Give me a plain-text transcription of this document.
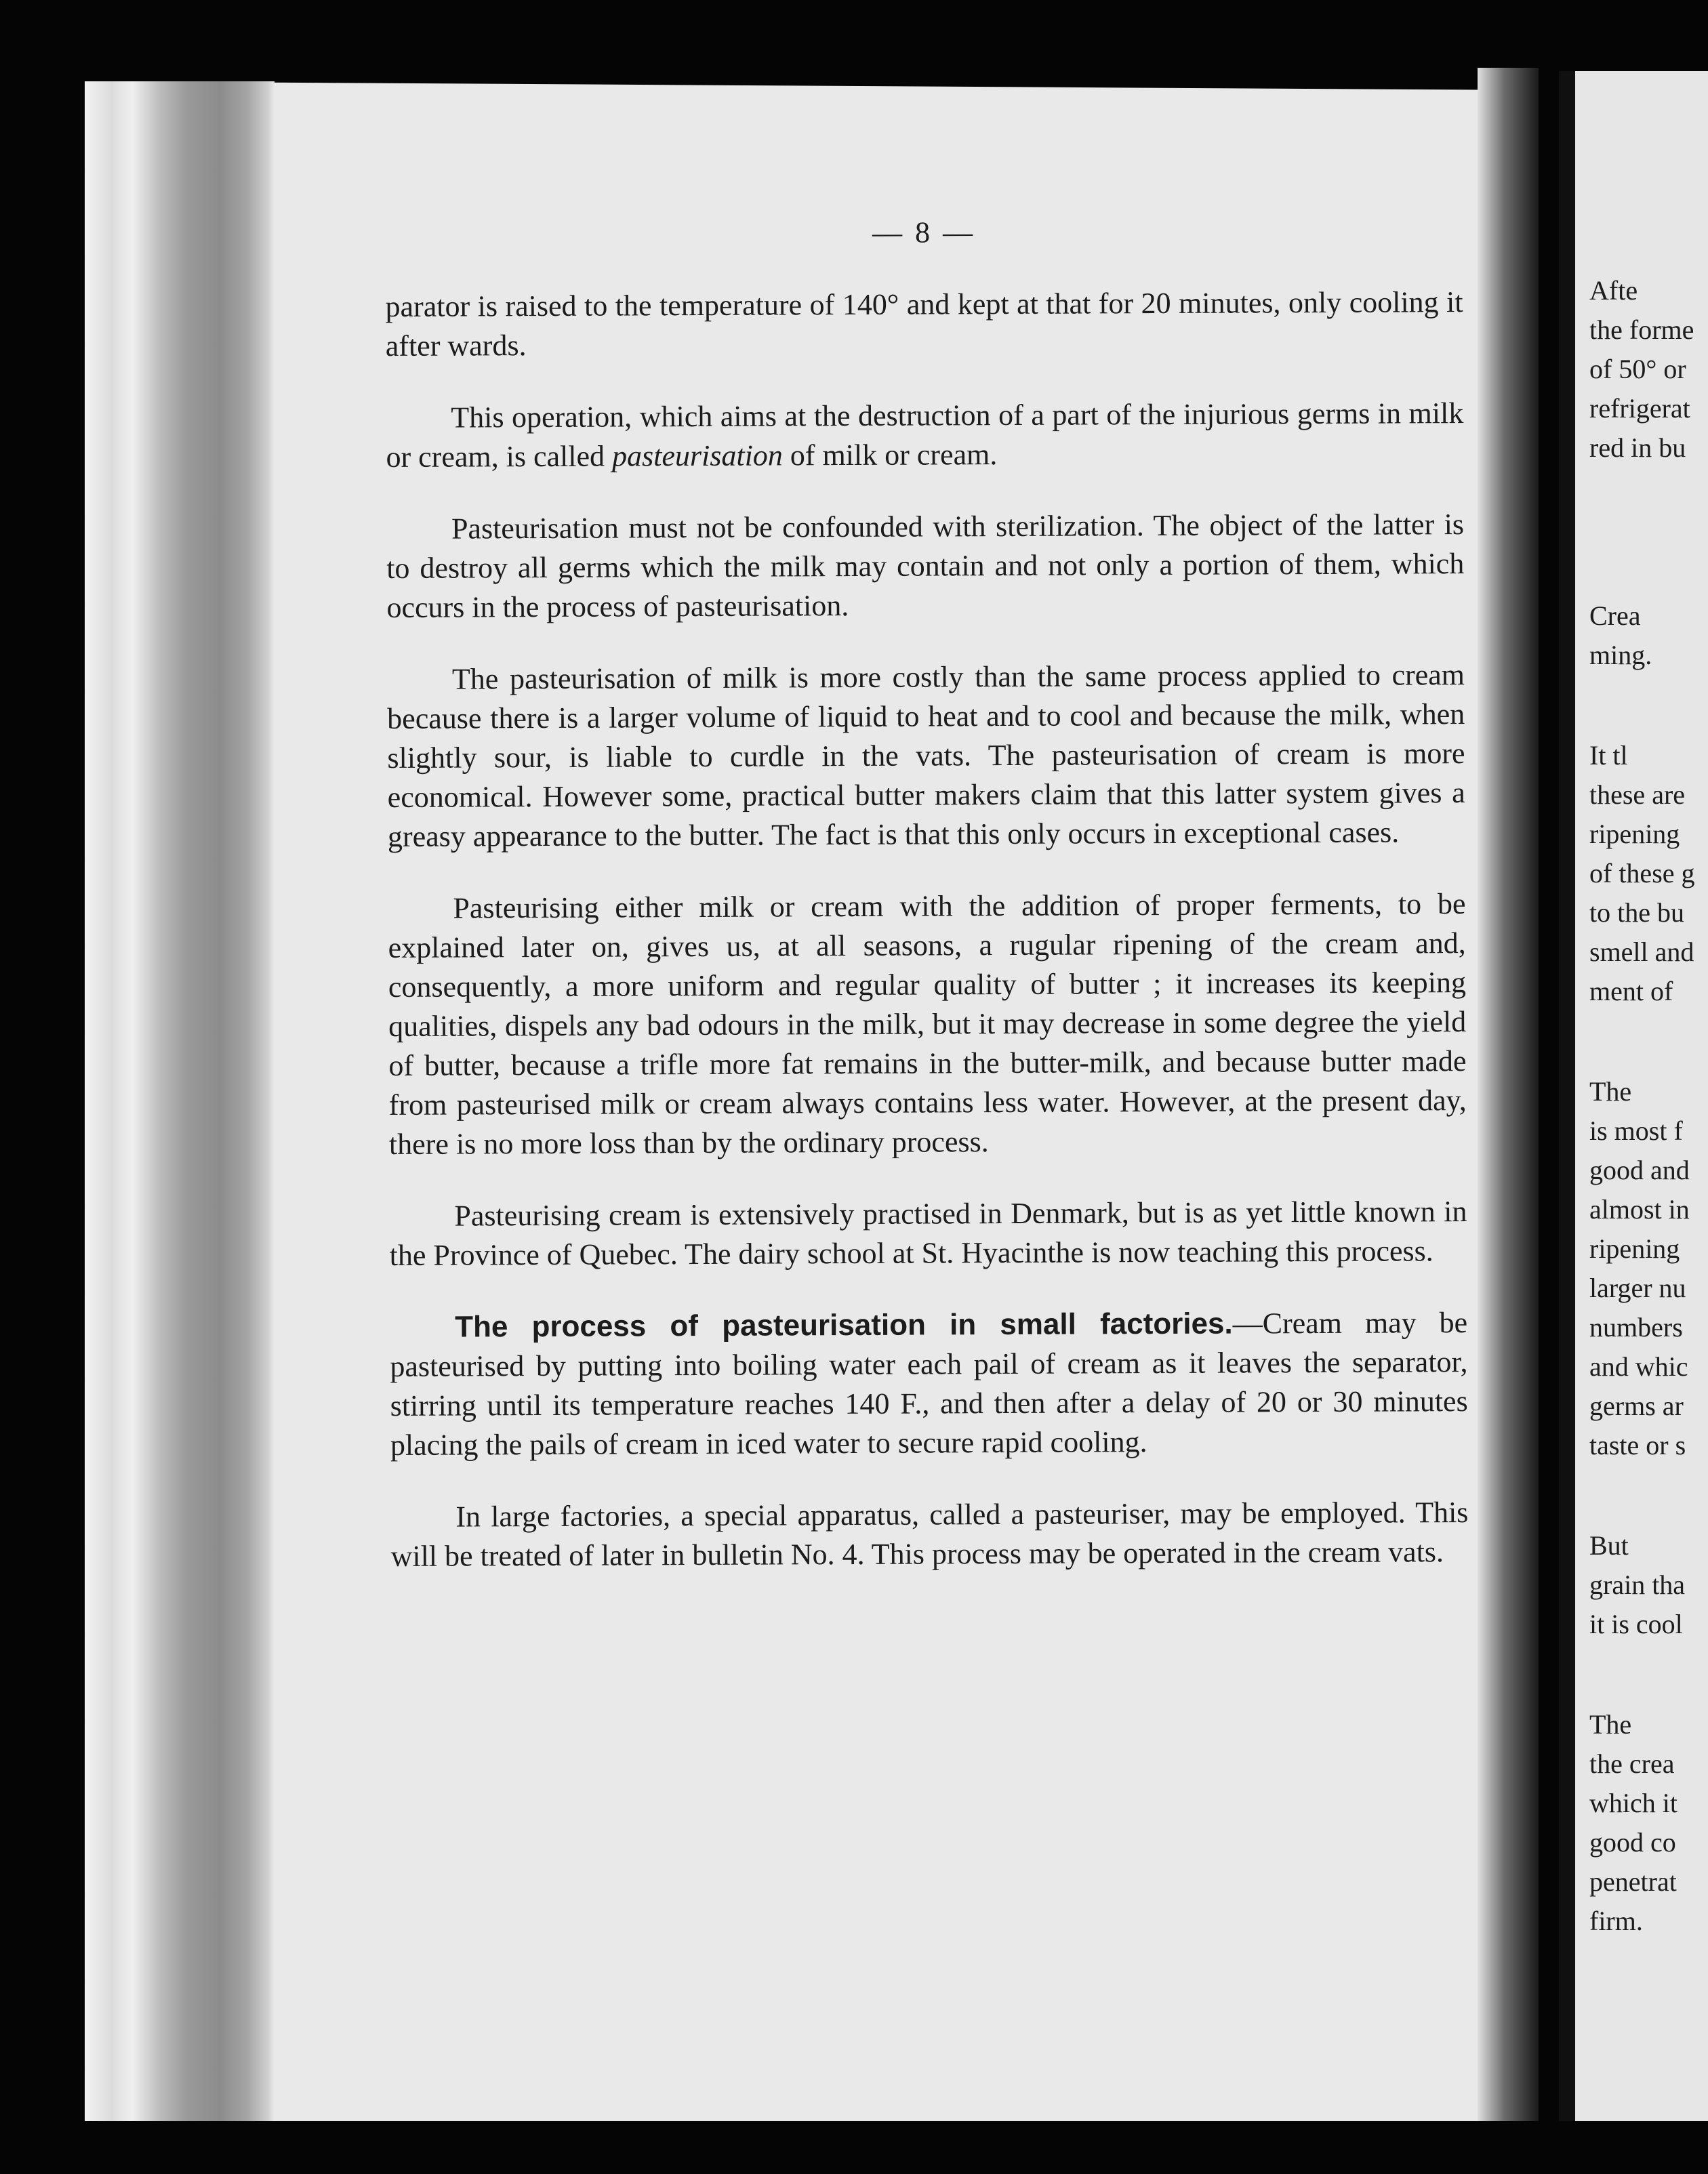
— 8 —

parator is raised to the temperature of 140° and kept at that for 20 minutes, only cooling it after wards.

This operation, which aims at the destruction of a part of the injurious germs in milk or cream, is called pasteurisation of milk or cream.

Pasteurisation must not be confounded with sterilization. The object of the latter is to destroy all germs which the milk may contain and not only a portion of them, which occurs in the process of pasteurisation.

The pasteurisation of milk is more costly than the same process applied to cream because there is a larger volume of liquid to heat and to cool and because the milk, when slightly sour, is liable to curdle in the vats. The pasteurisation of cream is more economical. However some, practical butter makers claim that this latter system gives a greasy appearance to the butter. The fact is that this only occurs in exceptional cases.

Pasteurising either milk or cream with the addition of proper ferments, to be explained later on, gives us, at all seasons, a rugular ripening of the cream and, consequently, a more uniform and regular quality of butter ; it increases its keeping qualities, dispels any bad odours in the milk, but it may decrease in some degree the yield of butter, because a trifle more fat remains in the butter-milk, and because butter made from pasteurised milk or cream always contains less water. However, at the present day, there is no more loss than by the ordinary process.

Pasteurising cream is extensively practised in Denmark, but is as yet little known in the Province of Quebec. The dairy school at St. Hyacinthe is now teaching this process.

The process of pasteurisation in small factories.—Cream may be pasteurised by putting into boiling water each pail of cream as it leaves the separator, stirring until its temperature reaches 140 F., and then after a delay of 20 or 30 minutes placing the pails of cream in iced water to secure rapid cooling.

In large factories, a special apparatus, called a pasteuriser, may be employed. This will be treated of later in bulletin No. 4. This process may be operated in the cream vats.

Afte
the forme
of 50° or
refrigerat
red in bu
Crea
ming.
It tl
these are
ripening
of these g
to the bu
smell and
ment of
The
is most f
good and
almost in
ripening
larger nu
numbers
and whic
germs ar
taste or s
But
grain tha
it is cool
The
the crea
which it
good co
penetrat
firm.
